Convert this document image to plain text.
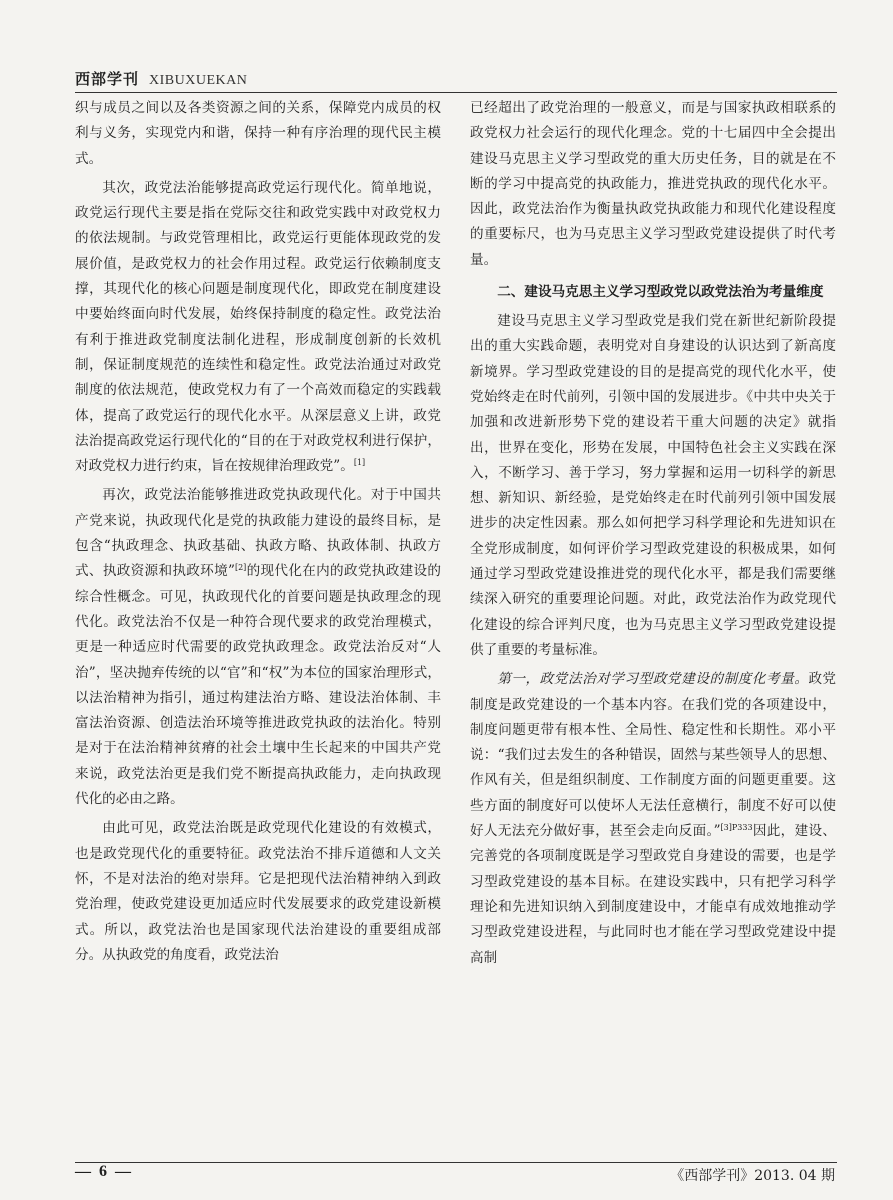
西部学刊 XIBUXUEKAN

织与成员之间以及各类资源之间的关系，保障党内成员的权利与义务，实现党内和谐，保持一种有序治理的现代民主模式。

其次，政党法治能够提高政党运行现代化。简单地说，政党运行现代主要是指在党际交往和政党实践中对政党权力的依法规制。与政党管理相比，政党运行更能体现政党的发展价值，是政党权力的社会作用过程。政党运行依赖制度支撑，其现代化的核心问题是制度现代化，即政党在制度建设中要始终面向时代发展，始终保持制度的稳定性。政党法治有利于推进政党制度法制化进程，形成制度创新的长效机制，保证制度规范的连续性和稳定性。政党法治通过对政党制度的依法规范，使政党权力有了一个高效而稳定的实践载体，提高了政党运行的现代化水平。从深层意义上讲，政党法治提高政党运行现代化的“目的在于对政党权利进行保护，对政党权力进行约束，旨在按规律治理政党”。[1]

再次，政党法治能够推进政党执政现代化。对于中国共产党来说，执政现代化是党的执政能力建设的最终目标，是包含“执政理念、执政基础、执政方略、执政体制、执政方式、执政资源和执政环境”[2]的现代化在内的政党执政建设的综合性概念。可见，执政现代化的首要问题是执政理念的现代化。政党法治不仅是一种符合现代要求的政党治理模式，更是一种适应时代需要的政党执政理念。政党法治反对“人治”，坚决抛弃传统的以“官”和“权”为本位的国家治理形式，以法治精神为指引，通过构建法治方略、建设法治体制、丰富法治资源、创造法治环境等推进政党执政的法治化。特别是对于在法治精神贫瘠的社会土壤中生长起来的中国共产党来说，政党法治更是我们党不断提高执政能力，走向执政现代化的必由之路。

由此可见，政党法治既是政党现代化建设的有效模式，也是政党现代化的重要特征。政党法治不排斥道德和人文关怀，不是对法治的绝对崇拜。它是把现代法治精神纳入到政党治理，使政党建设更加适应时代发展要求的政党建设新模式。所以，政党法治也是国家现代法治建设的重要组成部分。从执政党的角度看，政党法治

已经超出了政党治理的一般意义，而是与国家执政相联系的政党权力社会运行的现代化理念。党的十七届四中全会提出建设马克思主义学习型政党的重大历史任务，目的就是在不断的学习中提高党的执政能力，推进党执政的现代化水平。因此，政党法治作为衡量执政党执政能力和现代化建设程度的重要标尺，也为马克思主义学习型政党建设提供了时代考量。

二、建设马克思主义学习型政党以政党法治为考量维度

建设马克思主义学习型政党是我们党在新世纪新阶段提出的重大实践命题，表明党对自身建设的认识达到了新高度新境界。学习型政党建设的目的是提高党的现代化水平，使党始终走在时代前列，引领中国的发展进步。《中共中央关于加强和改进新形势下党的建设若干重大问题的决定》就指出，世界在变化，形势在发展，中国特色社会主义实践在深入，不断学习、善于学习，努力掌握和运用一切科学的新思想、新知识、新经验，是党始终走在时代前列引领中国发展进步的决定性因素。那么如何把学习科学理论和先进知识在全党形成制度，如何评价学习型政党建设的积极成果，如何通过学习型政党建设推进党的现代化水平，都是我们需要继续深入研究的重要理论问题。对此，政党法治作为政党现代化建设的综合评判尺度，也为马克思主义学习型政党建设提供了重要的考量标准。

第一，政党法治对学习型政党建设的制度化考量。政党制度是政党建设的一个基本内容。在我们党的各项建设中，制度问题更带有根本性、全局性、稳定性和长期性。邓小平说：“我们过去发生的各种错误，固然与某些领导人的思想、作风有关，但是组织制度、工作制度方面的问题更重要。这些方面的制度好可以使坏人无法任意横行，制度不好可以使好人无法充分做好事，甚至会走向反面。”$^{[3]P333}$因此，建设、完善党的各项制度既是学习型政党自身建设的需要，也是学习型政党建设的基本目标。在建设实践中，只有把学习科学理论和先进知识纳入到制度建设中，才能卓有成效地推动学习型政党建设进程，与此同时也才能在学习型政党建设中提高制

— 6 —	《西部学刊》2013. 04 期
